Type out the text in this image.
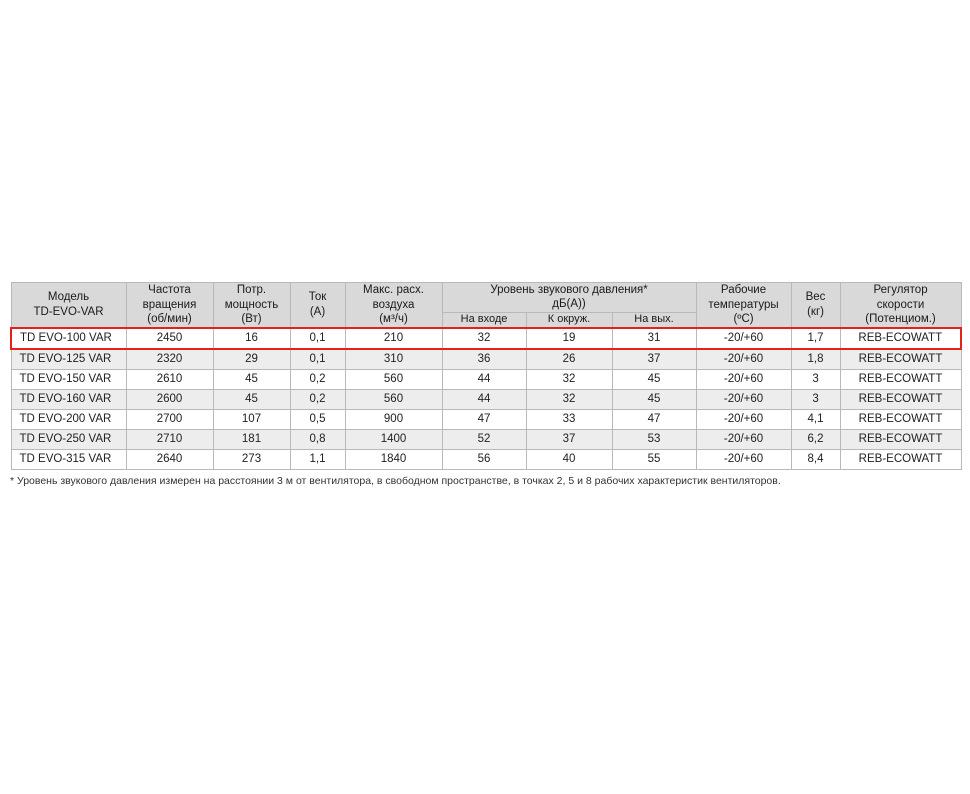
Модель
TD-EVO-VAR

Частота
вращения
(об/мин)

Потр.
мощность
(Вт)

Ток
(А)

Макс. расх.
воздуха
(м³/ч)

Уровень звукового давления*
дБ(А))

Рабочие
температуры
(ºС)

Вес
(кг)

Регулятор
скорости
(Потенциом.)

					На входе	К окруж.	На вых.			
TD EVO-100 VAR	2450	16	0,1	210	32	19	31	-20/+60	1,7	REB-ECOWATT
TD EVO-125 VAR	2320	29	0,1	310	36	26	37	-20/+60	1,8	REB-ECOWATT
TD EVO-150 VAR	2610	45	0,2	560	44	32	45	-20/+60	3	REB-ECOWATT
TD EVO-160 VAR	2600	45	0,2	560	44	32	45	-20/+60	3	REB-ECOWATT
TD EVO-200 VAR	2700	107	0,5	900	47	33	47	-20/+60	4,1	REB-ECOWATT
TD EVO-250 VAR	2710	181	0,8	1400	52	37	53	-20/+60	6,2	REB-ECOWATT
TD EVO-315 VAR	2640	273	1,1	1840	56	40	55	-20/+60	8,4	REB-ECOWATT
* Уровень звукового давления измерен на расстоянии 3 м от вентилятора, в свободном пространстве, в точках 2, 5 и 8 рабочих характеристик вентиляторов.
